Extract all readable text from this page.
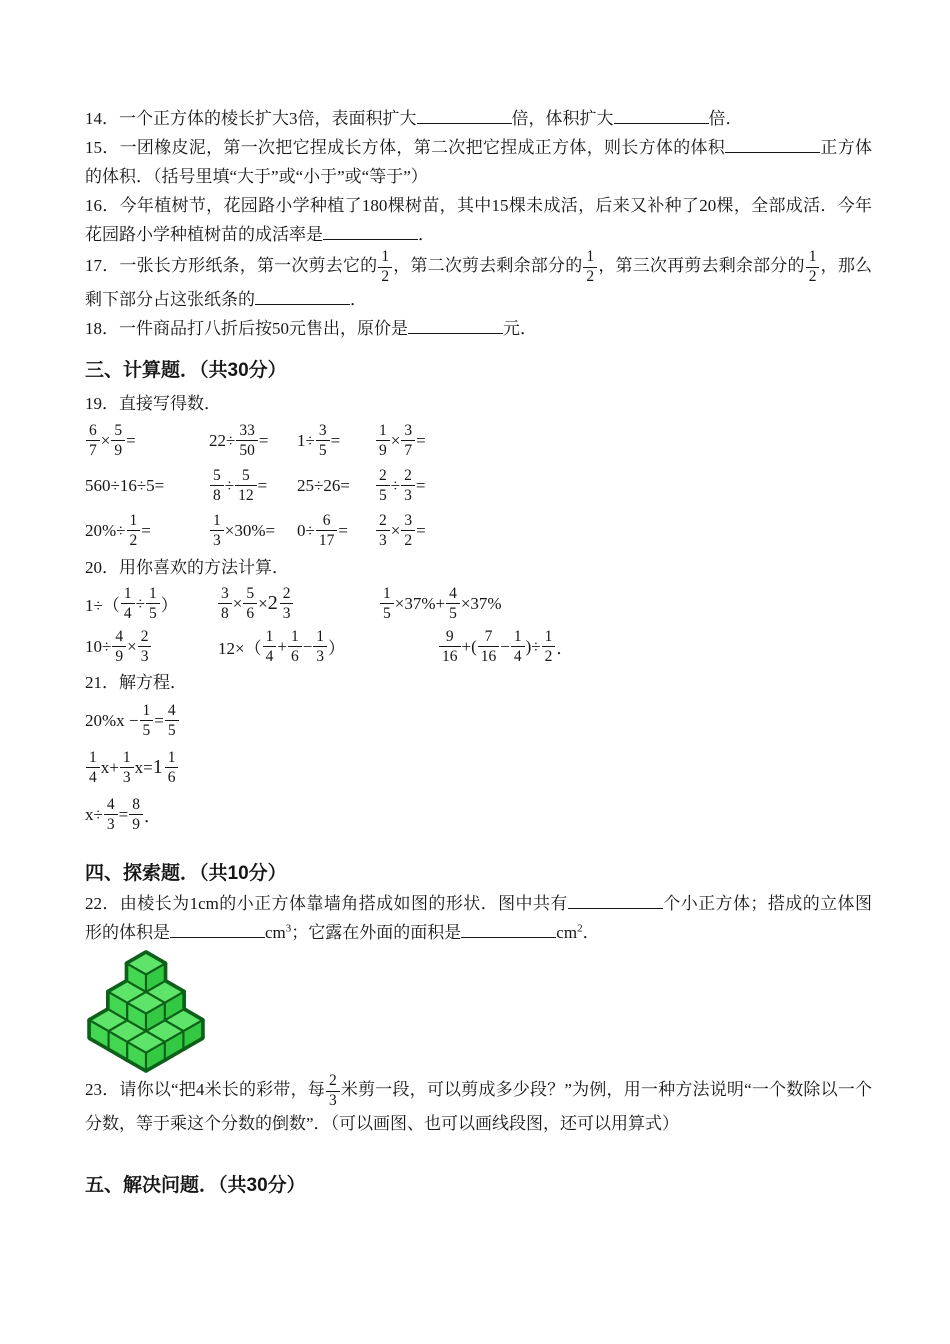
14．一个正方体的棱长扩大3倍，表面积扩大	倍，体积扩大	倍．

15．一团橡皮泥，第一次把它捏成长方体，第二次把它捏成正方体，则长方体的体积	正方体的体积．（括号里填“大于”或“小于”或“等于”）

16．今年植树节，花园路小学种植了180棵树苗，其中15棵未成活，后来又补种了20棵，全部成活．今年花园路小学种植树苗的成活率是	．

17．一张长方形纸条，第一次剪去它的 $\frac{1}{2}$ ，第二次剪去剩余部分的 $\frac{1}{2}$ ，第三次再剪去剩余部分的 $\frac{1}{2}$ ，那么剩下部分占这张纸条的	．

18．一件商品打八折后按50元售出，原价是	元．

三、计算题．（共30分）

19．直接写得数．

$\frac{6}{7} \times \frac{5}{9}$ =	$22\div \frac{33}{50} = 1\div \frac{3}{5} = \frac{1}{9} \times \frac{3}{7}$ =
560÷16÷5=	$\frac{5}{8} \div \frac{5}{12} = 25\div 26= \frac{2}{5} \div \frac{2}{3}$ =
$20\%\div \frac{1}{2}$ =	$\frac{1}{3} \times 30\%= 0\div \frac{6}{17} = \frac{2}{3} \times \frac{3}{2}$ =

20．用你喜欢的方法计算．

$1\div( \frac{1}{4} \div \frac{1}{5}$ ）	$\frac{3}{8} \times \frac{5}{6} \times 2 \frac{2}{3}$	$\frac{1}{5} \times 37\%+ \frac{4}{5} \times 37\%$
$10\div \frac{4}{9} \times \frac{2}{3}$	$12\times( \frac{1}{4} + \frac{1}{6} - \frac{1}{3}$ ）	$\frac{9}{16}$ +( $\frac{7}{16} - \frac{1}{4}$ )÷ $\frac{1}{2}$ ．

21．解方程．

$20\%x - \frac{1}{5} = \frac{4}{5}$
$\frac{1}{4} x+ \frac{1}{3} x= 1 \frac{1}{6}$
$x\div \frac{4}{3} = \frac{8}{9}$ ．
四、探索题．（共10分）

22．由棱长为1cm的小正方体靠墙角搭成如图的形状．图中共有	个小正方体；搭成的立体图形的体积是	$cm^3$；它露在外面的面积是	$cm^2$．

23．请你以“把4米长的彩带，每 $\frac{2}{3}$ 米剪一段，可以剪成多少段？”为例，用一种方法说明“一个数除以一个分数，等于乘这个分数的倒数”．（可以画图、也可以画线段图，还可以用算式）

五、解决问题．（共30分）
